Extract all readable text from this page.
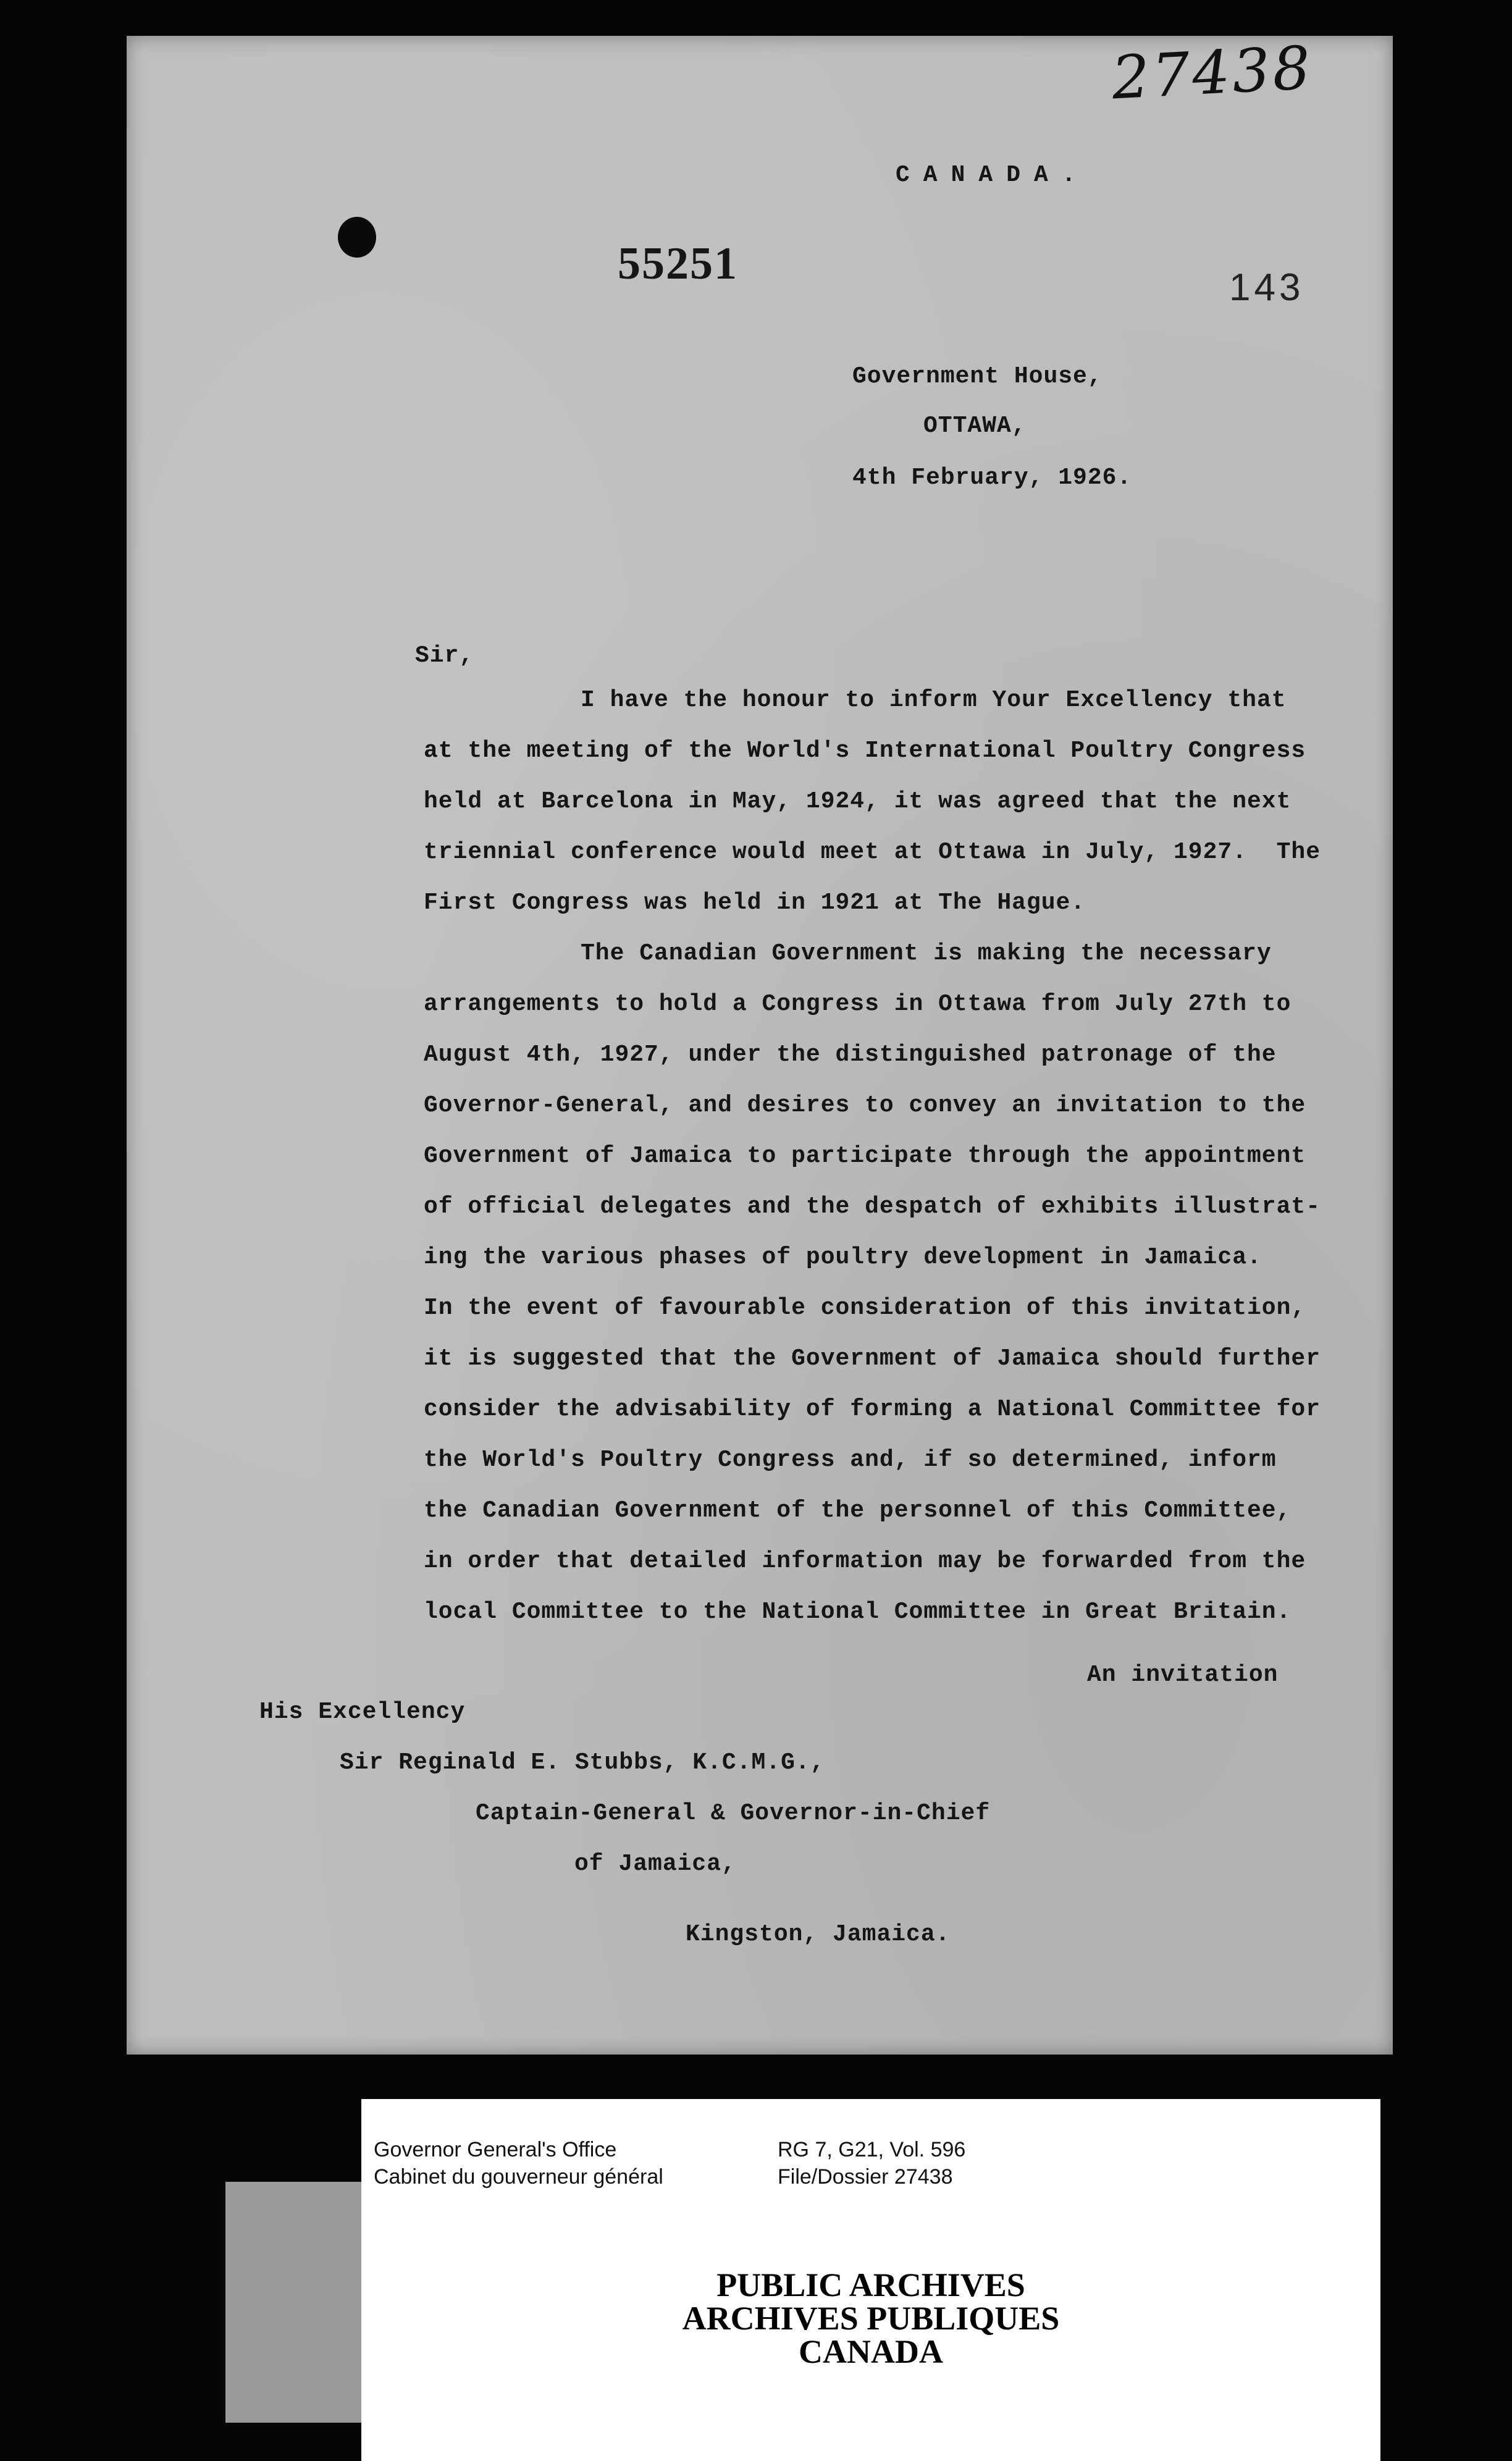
27438
CANADA.
55251	143
Government House,
OTTAWA,
4th February, 1926.
Sir,
I have the honour to inform Your Excellency that
at the meeting of the World's International Poultry Congress
held at Barcelona in May, 1924, it was agreed that the next
triennial conference would meet at Ottawa in July, 1927.  The
First Congress was held in 1921 at The Hague.
The Canadian Government is making the necessary
arrangements to hold a Congress in Ottawa from July 27th to
August 4th, 1927, under the distinguished patronage of the
Governor-General, and desires to convey an invitation to the
Government of Jamaica to participate through the appointment
of official delegates and the despatch of exhibits illustrat-
ing the various phases of poultry development in Jamaica.
In the event of favourable consideration of this invitation,
it is suggested that the Government of Jamaica should further
consider the advisability of forming a National Committee for
the World's Poultry Congress and, if so determined, inform
the Canadian Government of the personnel of this Committee,
in order that detailed information may be forwarded from the
local Committee to the National Committee in Great Britain.
An invitation
His Excellency
Sir Reginald E. Stubbs, K.C.M.G.,
Captain-General & Governor-in-Chief
of Jamaica,
Kingston, Jamaica.
Governor General's Office
Cabinet du gouverneur général
RG 7, G21, Vol. 596
File/Dossier 27438
PUBLIC ARCHIVES
ARCHIVES PUBLIQUES
CANADA
